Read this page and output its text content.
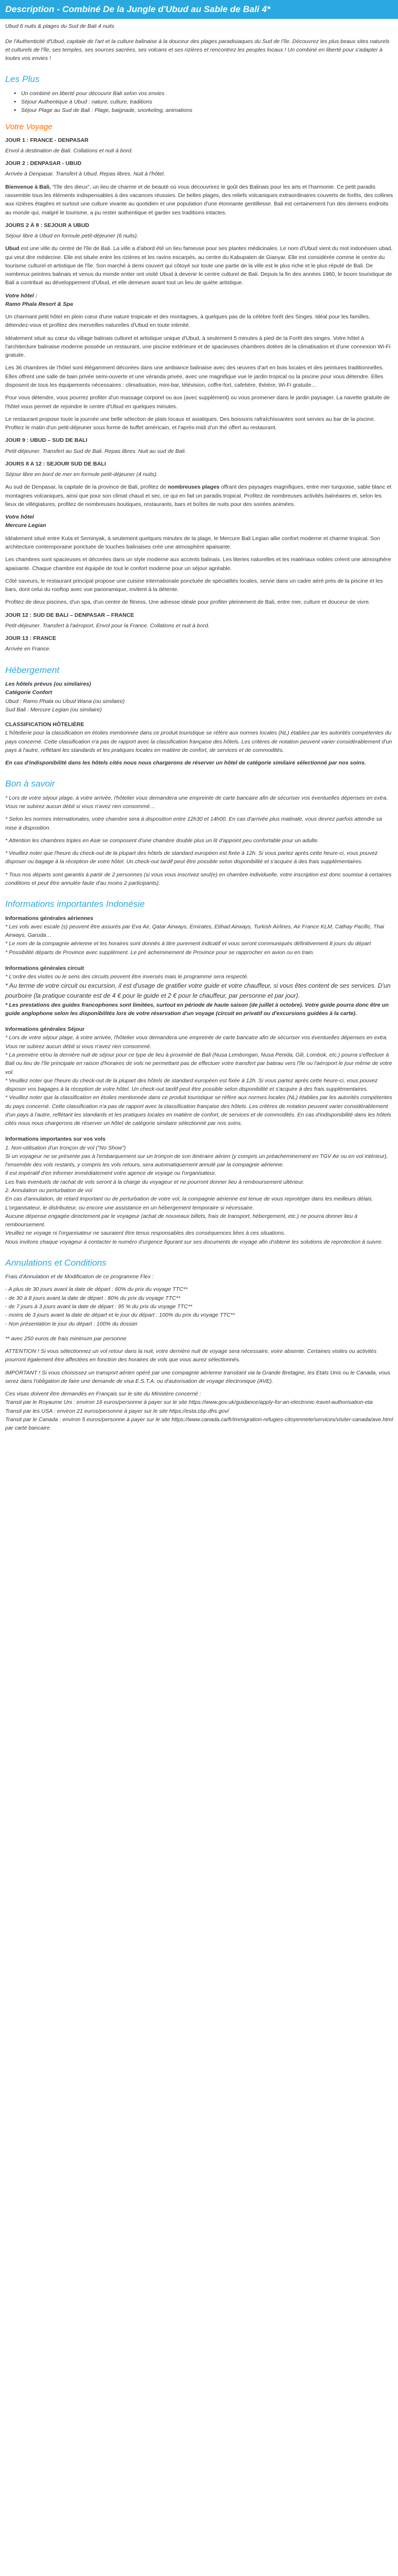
Description - Combiné De la Jungle d'Ubud au Sable de Bali 4*

Ubud 6 nuits & plages du Sud de Bali 4 nuits

De l'Authenticité d'Ubud, capitale de l'art et la culture balinaise à la douceur des plages paradisiaques du Sud de l'île. Découvrez les plus beaux sites naturels et culturels de l'île, ses temples, ses sources sacrées, ses volcans et ses rizières et rencontrez les peuples locaux ! Un combiné en liberté pour s'adapter à toutes vos envies !

Les Plus
• Un combiné en liberté pour découvrir Bali selon vos envies
• Séjour Authentique à Ubud : nature, culture, traditions
• Séjour Plage au Sud de Bali : Plage, baignade, snorkeling, animations
Votre Voyage

JOUR 1 : FRANCE - DENPASAR

Envol à destination de Bali. Collations et nuit à bord.

JOUR 2 : DENPASAR - UBUD

Arrivée à Denpasar. Transfert à Ubud. Repas libres. Nuit à l'hôtel.

Bienvenue à Bali, "l'île des dieux", un lieu de charme et de beauté où vous découvrirez le goût des Balinais pour les arts et l'harmonie. Ce petit paradis rassemble tous les éléments indispensables à des vacances réussies. De belles plages, des reliefs volcaniques extraordinaires couverts de forêts, des collines aux rizières étagées et surtout une culture vivante au quotidien et une population d'une étonnante gentillesse. Bali est certainement l'un des derniers endroits au monde qui, malgré le tourisme, a pu rester authentique et garder ses traditions intactes.

JOURS 2 À 8 : SEJOUR A UBUD

Séjour libre à Ubud en formule petit-déjeuner (6 nuits).

Ubud est une ville du centre de l'île de Bali. La ville a d'abord été un lieu fameuse pour ses plantes médicinales. Le nom d'Ubud vient du mot indonésien ubad, qui veut dire médecine. Elle est située entre les rizières et les ravins escarpés, au centre du Kabupaten de Gianyar. Elle est considérée comme le centre du tourisme culturel et artistique de l'île. Son marché à demi couvert qui côtoyé sur toute une partie de la ville est le plus riche et le plus réputé de Bali. De nombreux peintres balinais et venus du monde entier ont visité Ubud à devenir le centre culturel de Bali. Depuis la fin des années 1960, le boom touristique de Bali a contribué au développement d'Ubud, et elle demeure avant tout un lieu de quiète artistique.

Votre hôtel :

Ramo Phala Resort & Spa

Un charmant petit hôtel en plein cœur d'une nature tropicale et des montagnes, à quelques pas de la célèbre forêt des Singes. Idéal pour les familles, détendez-vous et profitez des merveilles naturelles d'Ubud en toute intimité.

Idéalement situé au cœur du village balinais culturel et artistique unique d'Ubud, à seulement 5 minutes à pied de la Forêt des singes. Votre hôtel à l'architecture balinaise moderne possède un restaurant, une piscine extérieure et de spacieuses chambres dotées de la climatisation et d'une connexion Wi-Fi gratuite.

Les 36 chambres de l'hôtel sont élégamment décorées dans une ambiance balinaise avec des œuvres d'art en bois locales et des peintures traditionnelles. Elles offrent une salle de bain privée semi-ouverte et une véranda privée, avec une magnifique vue le jardin tropical ou la piscine pour vous détendre. Elles disposent de tous les équipements nécessaires : climatisation, mini-bar, télévision, coffre-fort, cafetière, théière, Wi-Fi gratuite…

Pour vous détendre, vous pourrez profiter d'un massage corporel ou aux (avec supplément) ou vous promener dans le jardin paysager. La navette gratuite de l'hôtel vous permet de rejoindre le centre d'Ubud en quelques minutes.

Le restaurant propose toute la journée une belle sélection de plats locaux et asiatiques. Des boissons rafraîchissantes sont servies au bar de la piscine. Profitez le matin d'un petit-déjeuner sous forme de buffet américain, et l'après-midi d'un thé offert au restaurant.

JOUR 9 : UBUD – SUD DE BALI

Petit-déjeuner. Transfert au Sud de Bali. Repas libres. Nuit au sud de Bali.

JOURS 8 A 12 : SEJOUR SUD DE BALI

Séjour libre en bord de mer en formule petit-déjeuner (4 nuits).

Au sud de Denpasar, la capitale de la province de Bali, profitez de nombreuses plages offrant des paysages magnifiques, entre mer turquoise, sable blanc et montagnes volcaniques, ainsi que pour son climat chaud et sec, ce qui en fait un paradis tropical. Profitez de nombreuses activités balnéaires et, selon les lieux de villégiatures, profitez de nombreuses boutiques, restaurants, bars et boîtes de nuits pour des soirées animées.

Votre hôtel

Mercure Legian

Idéalement situé entre Kuta et Seminyak, à seulement quelques minutes de la plage, le Mercure Bali Legian allie confort moderne et charme tropical. Son architecture contemporaine ponctuée de touches balinaises crée une atmosphère apaisante.

Les chambres sont spacieuses et décorées dans un style moderne aux accents balinais. Les literies naturelles et les matériaux nobles créent une atmosphère apaisante. Chaque chambre est équipée de tout le confort moderne pour un séjour agréable.

Côté saveurs, le restaurant principal propose une cuisine internationale ponctuée de spécialités locales, servie dans un cadre aéré près de la piscine et les bars, dont celui du rooftop avec vue panoramique, invitent à la détente.

Profitez de deux piscines, d'un spa, d'un centre de fitness. Une adresse idéale pour profiter pleinement de Bali, entre mer, culture et douceur de vivre.

JOUR 12 : SUD DE BALI – DENPASAR – FRANCE

Petit-déjeuner. Transfert à l'aéroport. Envol pour la France. Collations et nuit à bord.

JOUR 13 : FRANCE

Arrivée en France.

Hébergement

Les hôtels prévus (ou similaires)

Catégorie Confort

Ubud : Ramo Phala ou Ubud Wana (ou similaire)

Sud Bali : Mercure Legian (ou similaire)

CLASSIFICATION HÔTELIÈRE

L'hôtellerie pour la classification en étoiles mentionnée dans ce produit touristique se réfère aux normes locales (NL) établies par les autorités compétentes du pays concerné. Cette classification n'a pas de rapport avec la classification française des hôtels. Les critères de notation peuvent varier considérablement d'un pays à l'autre, reflétant les standards et les pratiques locales en matière de confort, de services et de commodités.

En cas d'indisponibilité dans les hôtels cités nous nous chargerons de réserver un hôtel de catégorie similaire sélectionné par nos soins.

Bon à savoir

* Lors de votre séjour plage, à votre arrivée, l'hôtelier vous demandera une empreinte de carte bancaire afin de sécuriser vos éventuelles dépenses en extra. Vous ne subirez aucun débit si vous n'avez rien consommé…

* Selon les normes internationales, votre chambre sera à disposition entre 12h30 et 14h00. En cas d'arrivée plus matinale, vous devrez parfois attendre sa mise à disposition.

* Attention les chambres triples en Asie se composent d'une chambre double plus un lit d'appoint peu confortable pour un adulte.

* Veuillez noter que l'heure du check-out de la plupart des hôtels de standard européen est fixée à 12h. Si vous partez après cette heure-ci, vous pouvez disposer ou bagage à la réception de votre hôtel. Un check-out tardif peut être possible selon disponibilité et s'acquire à des frais supplémentaires.

* Tous nos départs sont garantis à partir de 2 personnes (si vous vous inscrivez seul(e) en chambre individuelle, votre inscription est donc soumise à certaines conditions et peut être annulée faute d'au moins 2 participants).

Informations importantes Indonésie

Informations générales aériennes

* Les vols avec escale (s) peuvent être assurés par Eva Air, Qatar Airways, Emirates, Etihad Airways, Turkish Airlines, Air France KLM, Cathay Pacific, Thai Airways, Garuda…

* Le nom de la compagnie aérienne et les horaires sont donnés à titre purement indicatif et vous seront communiqués définitivement 8 jours du départ

* Possibilité départs de Province avec supplément. Le pré acheminement de Province pour se rapprocher en avion ou en train.

Informations générales circuit

* L'ordre des visites ou le sens des circuits peuvent être inversés mais le programme sera respecté.

* Au terme de votre circuit ou excursion, il est d'usage de gratifier votre guide et votre chauffeur, si vous êtes content de ses services. D'un pourboire (la pratique courante est de 4 € pour le guide et 2 € pour le chauffeur, par personne et par jour).

* Les prestations des guides francophones sont limitées, surtout en période de haute saison (de juillet à octobre). Votre guide pourra donc être un guide anglophone selon les disponibilités lors de votre réservation d'un voyage (circuit en privatif ou d'excursions guidées à la carte).

Informations générales Séjour

* Lors de votre séjour plage, à votre arrivée, l'hôtelier vous demandera une empreinte de carte bancaire afin de sécuriser vos éventuelles dépenses en extra. Vous ne subirez aucun débit si vous n'avez rien consommé.

* La première et/ou la dernière nuit de séjour pour ce type de lieu à proximité de Bali (Nusa Lembongan, Nusa Penida, Gili, Lombok, etc.) pourra s'effectuer à Bali ou lieu de l'île principale en raison d'horaires de vols ne permettant pas de effectuer votre transfert par bateau vers l'île ou l'aéroport le jour même de votre vol.

* Veuillez noter que l'heure du check-out de la plupart des hôtels de standard européen est fixée à 12h. Si vous partez après cette heure-ci, vous pouvez disposer vos bagages à la réception de votre hôtel. Un check-out tardif peut être possible selon disponibilité et s'acquire à des frais supplémentaires.

* Veuillez noter que la classification en étoiles mentionnée dans ce produit touristique se réfère aux normes locales (NL) établies par les autorités compétentes du pays concerné. Cette classification n'a pas de rapport avec la classification française des hôtels. Les critères de notation peuvent varier considérablement d'un pays à l'autre, reflétant les standards et les pratiques locales en matière de confort, de services et de commodités. En cas d'indisponibilité dans les hôtels cités nous nous chargerons de réserver un hôtel de catégorie similaire sélectionné par nos soins.

Informations importantes sur vos vols

1. Non-utilisation d'un tronçon de vol ("No Show")

Si un voyageur ne se présente pas à l'embarquement sur un tronçon de son itinéraire aérien (y compris un préacheminement en TGV Air ou en vol intérieur), l'ensemble des vols restants, y compris les vols retours, sera automatiquement annulé par la compagnie aérienne.

Il est impératif d'en informer immédiatement votre agence de voyage ou l'organisateur.

Les frais éventuels de rachat de vols seront à la charge du voyageur et ne pourront donner lieu à remboursement ultérieur.

2. Annulation ou perturbation de vol

En cas d'annulation, de retard important ou de perturbation de votre vol, la compagnie aérienne est tenue de vous reprotéger dans les meilleurs délais.

L'organisateur, le distributeur, ou encore une assistance en un hébergement temporaire si nécessaire.

Aucune dépense engagée directement par le voyageur (achat de nouveaux billets, frais de transport, hébergement, etc.) ne pourra donner lieu à remboursement.

Veuillez ne voyage ni l'organisateur ne sauraient être tenus responsables des conséquences liées à ces situations.

Nous invitons chaque voyageur à contacter le numéro d'urgence figurant sur ses documents de voyage afin d'obtenir les solutions de reprotection à suivre.

Annulations et Conditions

Frais d'Annulation et de Modification de ce programme Flex :

- A plus de 30 jours avant la date de départ : 60% du prix du voyage TTC**

- de 30 à 8 jours avant la date de départ : 80% du prix du voyage TTC**

- de 7 jours à 3 jours avant la date de départ : 95 % du prix du voyage TTC**

- moins de 3 jours avant la date de départ et le jour du départ : 100% du prix du voyage TTC**

- Non présentation le jour du départ : 100% du dossier

** avec 250 euros de frais minimum par personne

ATTENTION ! Si vous sélectionnez un vol retour dans la nuit, votre dernière nuit de voyage sera nécessaire, voire absente. Certaines visites ou activités pourront également être affectées en fonction des horaires de vols que vous aurez sélectionnés.

IMPORTANT ! Si vous choisissez un transport aérien opéré par une compagnie aérienne transitant via la Grande Bretagne, les Etats Unis ou le Canada, vous serez dans l'obligation de faire une demande de visa E.S.T.A. ou d'autorisation de voyage électronique (AVE).

Ces visas doivent être demandés en Français sur le site du Ministère concerné :

Transit par le Royaume Uni : environ 16 euros/personne à payer sur le site https://www.gov.uk/guidance/apply-for-an-electronic-travel-authorisation-eta

Transit par les USA : environ 21 euros/personne à payer sur le site https://esta.cbp.dhs.gov/

Transit par le Canada : environ 5 euros/personne à payer sur le site https://www.canada.ca/fr/immigration-refugies-citoyennete/services/visiter-canada/ave.html par carte bancaire.
